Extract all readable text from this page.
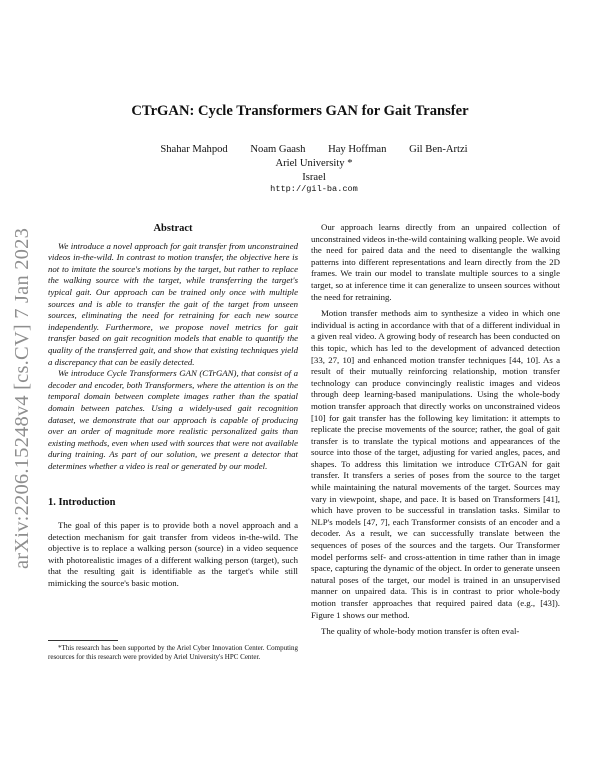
arXiv:2206.15248v4 [cs.CV] 7 Jan 2023
CTrGAN: Cycle Transformers GAN for Gait Transfer
Shahar Mahpod Noam Gaash Hay Hoffman Gil Ben-Artzi
Ariel University *
Israel
http://gil-ba.com
Abstract

We introduce a novel approach for gait transfer from unconstrained videos in-the-wild. In contrast to motion transfer, the objective here is not to imitate the source's motions by the target, but rather to replace the walking source with the target, while transferring the target's typical gait. Our approach can be trained only once with multiple sources and is able to transfer the gait of the target from unseen sources, eliminating the need for retraining for each new source independently. Furthermore, we propose novel metrics for gait transfer based on gait recognition models that enable to quantify the quality of the transferred gait, and show that existing techniques yield a discrepancy that can be easily detected.

We introduce Cycle Transformers GAN (CTrGAN), that consist of a decoder and encoder, both Transformers, where the attention is on the temporal domain between complete images rather than the spatial domain between patches. Using a widely-used gait recognition dataset, we demonstrate that our approach is capable of producing over an order of magnitude more realistic personalized gaits than existing methods, even when used with sources that were not available during training. As part of our solution, we present a detector that determines whether a video is real or generated by our model.

1. Introduction

The goal of this paper is to provide both a novel approach and a detection mechanism for gait transfer from videos in-the-wild. The objective is to replace a walking person (source) in a video sequence with photorealistic images of a different walking person (target), such that the resulting gait is identifiable as the target's while still mimicking the source's basic motion.

*This research has been supported by the Ariel Cyber Innovation Center. Computing resources for this research were provided by Ariel University's HPC Center.

Our approach learns directly from an unpaired collection of unconstrained videos in-the-wild containing walking people. We avoid the need for paired data and the need to disentangle the walking patterns into different representations and learn directly from the 2D frames. We train our model to translate multiple sources to a single target, so at inference time it can generalize to unseen sources without the need for retraining.

Motion transfer methods aim to synthesize a video in which one individual is acting in accordance with that of a different individual in a given real video. A growing body of research has been conducted on this topic, which has led to the development of advanced detection [33, 27, 10] and enhanced motion transfer techniques [44, 10]. As a result of their mutually reinforcing relationship, motion transfer technology can produce convincingly realistic images and videos through deep learning-based manipulations. Using the whole-body motion transfer approach that directly works on unconstrained videos [10] for gait transfer has the following key limitation: it attempts to replicate the precise movements of the source; rather, the goal of gait transfer is to translate the typical motions and appearances of the source into those of the target, adjusting for varied angles, paces, and shapes. To address this limitation we introduce CTrGAN for gait transfer. It transfers a series of poses from the source to the target while maintaining the natural movements of the target. Sources may vary in viewpoint, shape, and pace. It is based on Transformers [41], which have proven to be successful in translation tasks. Similar to NLP's models [47, 7], each Transformer consists of an encoder and a decoder. As a result, we can successfully translate between the sequences of poses of the sources and the targets. Our Transformer model performs self- and cross-attention in time rather than in image space, capturing the dynamic of the object. In order to generate unseen natural poses of the target, our model is trained in an unsupervised manner on unpaired data. This is in contrast to prior whole-body motion transfer approaches that required paired data (e.g., [43]). Figure 1 shows our method.

The quality of whole-body motion transfer is often eval-
